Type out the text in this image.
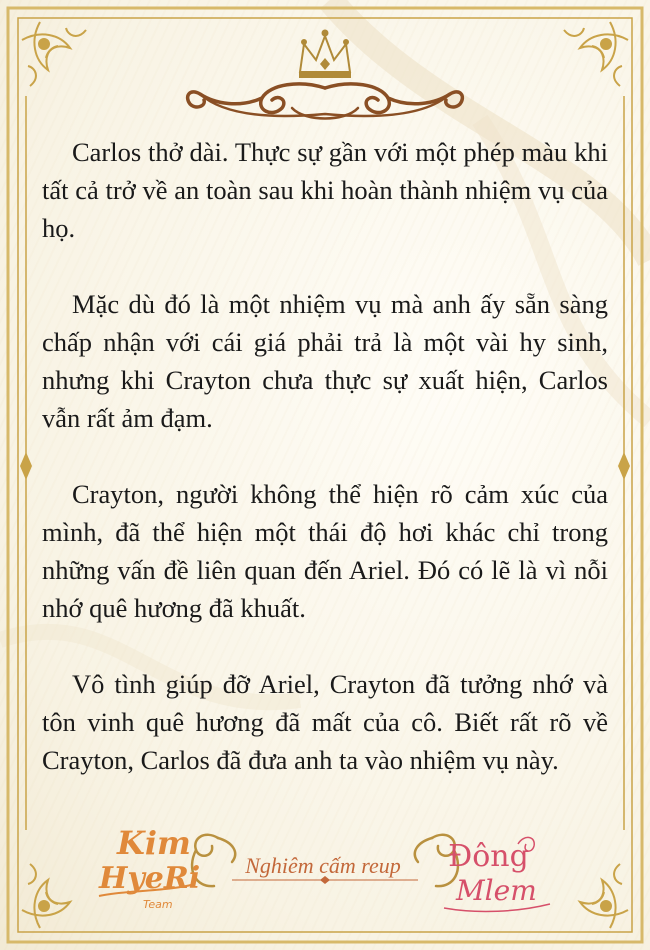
Carlos thở dài. Thực sự gần với một phép màu khi tất cả trở về an toàn sau khi hoàn thành nhiệm vụ của họ.

Mặc dù đó là một nhiệm vụ mà anh ấy sẵn sàng chấp nhận với cái giá phải trả là một vài hy sinh, nhưng khi Crayton chưa thực sự xuất hiện, Carlos vẫn rất ảm đạm.

Crayton, người không thể hiện rõ cảm xúc của mình, đã thể hiện một thái độ hơi khác chỉ trong những vấn đề liên quan đến Ariel. Đó có lẽ là vì nỗi nhớ quê hương đã khuất.

Vô tình giúp đỡ Ariel, Crayton đã tưởng nhớ và tôn vinh quê hương đã mất của cô. Biết rất rõ về Crayton, Carlos đã đưa anh ta vào nhiệm vụ này.

Kim
HyeRi
Team
Nghiêm cấm reup	Đông
Mlem
